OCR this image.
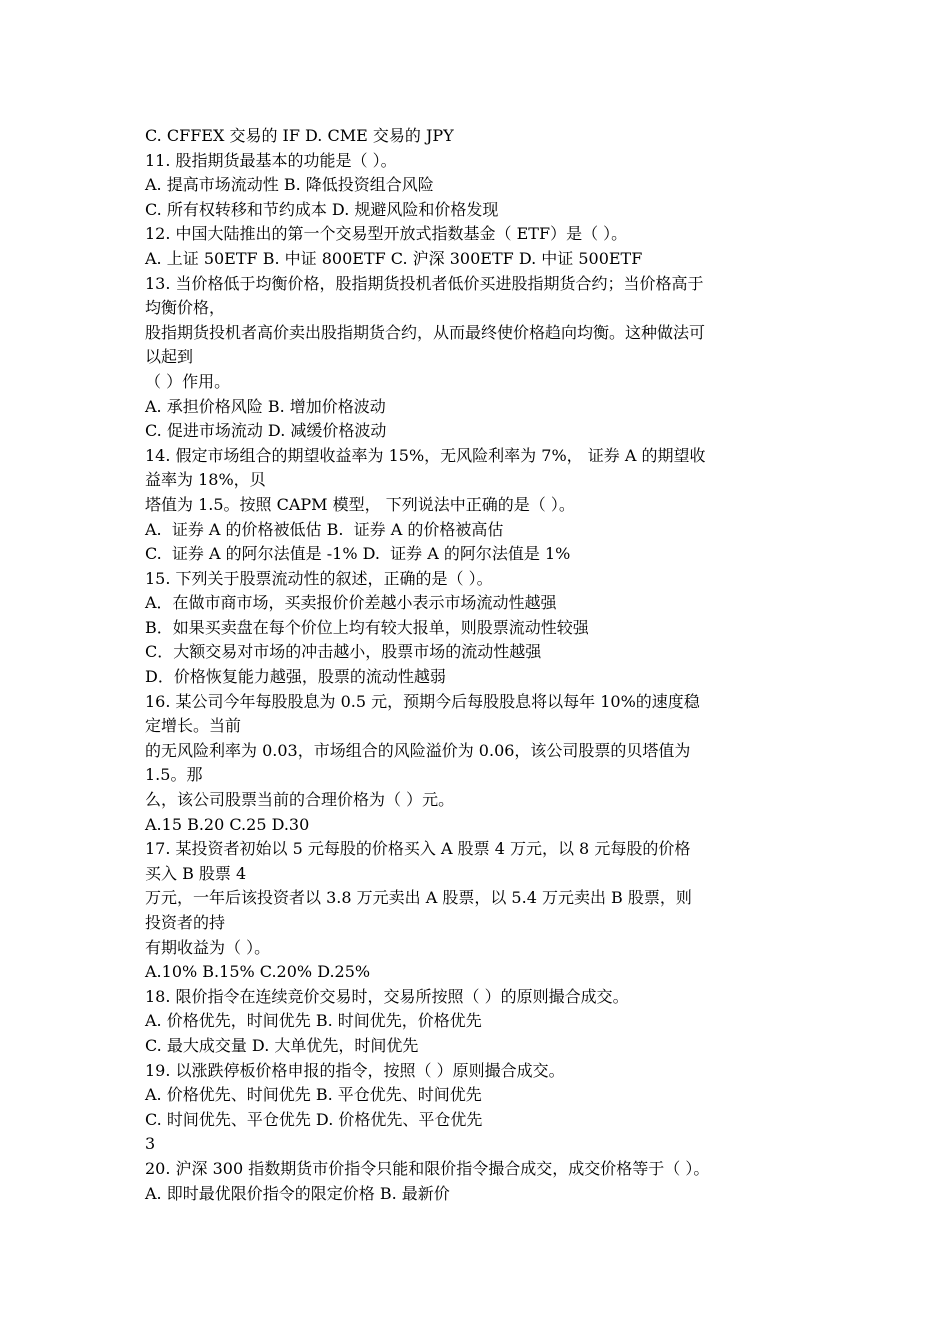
C. CFFEX 交易的 IF D. CME 交易的 JPY
11. 股指期货最基本的功能是（ ）。
A. 提高市场流动性 B. 降低投资组合风险
C. 所有权转移和节约成本 D. 规避风险和价格发现
12. 中国大陆推出的第一个交易型开放式指数基金（ ETF）是（ ）。
A. 上证 50ETF B. 中证 800ETF C. 沪深 300ETF D. 中证 500ETF
13. 当价格低于均衡价格，股指期货投机者低价买进股指期货合约；当价格高于
均衡价格，
股指期货投机者高价卖出股指期货合约，从而最终使价格趋向均衡。这种做法可
以起到
（ ）作用。
A. 承担价格风险 B. 增加价格波动
C. 促进市场流动 D. 减缓价格波动
14. 假定市场组合的期望收益率为 15%，无风险利率为 7%， 证券 A 的期望收
益率为 18%，贝
塔值为 1.5。按照 CAPM 模型， 下列说法中正确的是（ ）。
A.  证券 A 的价格被低估 B.  证券 A 的价格被高估
C.  证券 A 的阿尔法值是 -1% D.  证券 A 的阿尔法值是 1%
15. 下列关于股票流动性的叙述，正确的是（ ）。
A．在做市商市场，买卖报价价差越小表示市场流动性越强
B．如果买卖盘在每个价位上均有较大报单，则股票流动性较强
C．大额交易对市场的冲击越小，股票市场的流动性越强
D．价格恢复能力越强，股票的流动性越弱
16. 某公司今年每股股息为 0.5 元，预期今后每股股息将以每年 10%的速度稳
定增长。当前
的无风险利率为 0.03，市场组合的风险溢价为 0.06，该公司股票的贝塔值为
1.5。那
么，该公司股票当前的合理价格为（ ）元。
A.15 B.20 C.25 D.30
17. 某投资者初始以 5 元每股的价格买入 A 股票 4 万元，以 8 元每股的价格
买入 B 股票 4
万元，一年后该投资者以 3.8 万元卖出 A 股票，以 5.4 万元卖出 B 股票，则
投资者的持
有期收益为（ ）。
A.10% B.15% C.20% D.25%
18. 限价指令在连续竞价交易时，交易所按照（ ）的原则撮合成交。
A. 价格优先，时间优先 B. 时间优先，价格优先
C. 最大成交量 D. 大单优先，时间优先
19. 以涨跌停板价格申报的指令，按照（ ）原则撮合成交。
A. 价格优先、时间优先 B. 平仓优先、时间优先
C. 时间优先、平仓优先 D. 价格优先、平仓优先
3
20. 沪深 300 指数期货市价指令只能和限价指令撮合成交，成交价格等于（ ）。
A. 即时最优限价指令的限定价格 B. 最新价
